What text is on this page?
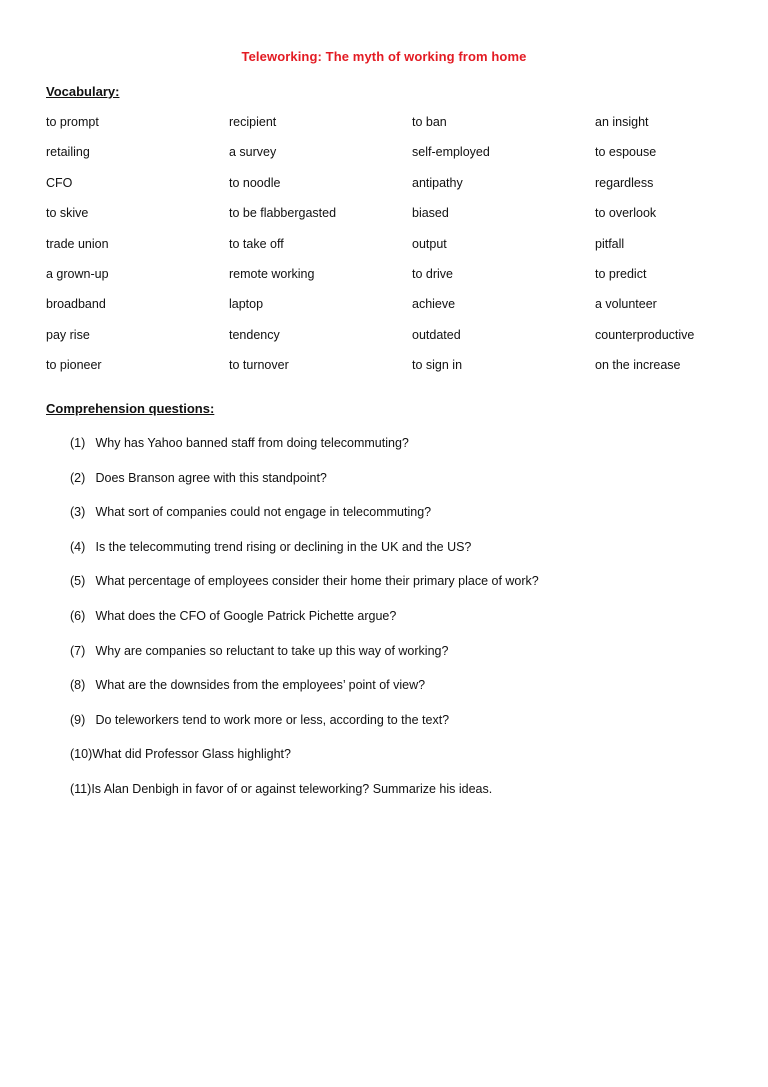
Teleworking: The myth of working from home
Vocabulary:
to prompt	recipient	to ban	an insight
retailing	a survey	self-employed	to espouse
CFO	to noodle	antipathy	regardless
to skive	to be flabbergasted	biased	to overlook
trade union	to take off	output	pitfall
a grown-up	remote working	to drive	to predict
broadband	laptop	achieve	a volunteer
pay rise	tendency	outdated	counterproductive
to pioneer	to turnover	to sign in	on the increase
Comprehension questions:
(1) Why has Yahoo banned staff from doing telecommuting?
(2) Does Branson agree with this standpoint?
(3) What sort of companies could not engage in telecommuting?
(4) Is the telecommuting trend rising or declining in the UK and the US?
(5) What percentage of employees consider their home their primary place of work?
(6) What does the CFO of Google Patrick Pichette argue?
(7) Why are companies so reluctant to take up this way of working?
(8) What are the downsides from the employees’ point of view?
(9) Do teleworkers tend to work more or less, according to the text?
(10)What did Professor Glass highlight?
(11)Is Alan Denbigh in favor of or against teleworking? Summarize his ideas.
